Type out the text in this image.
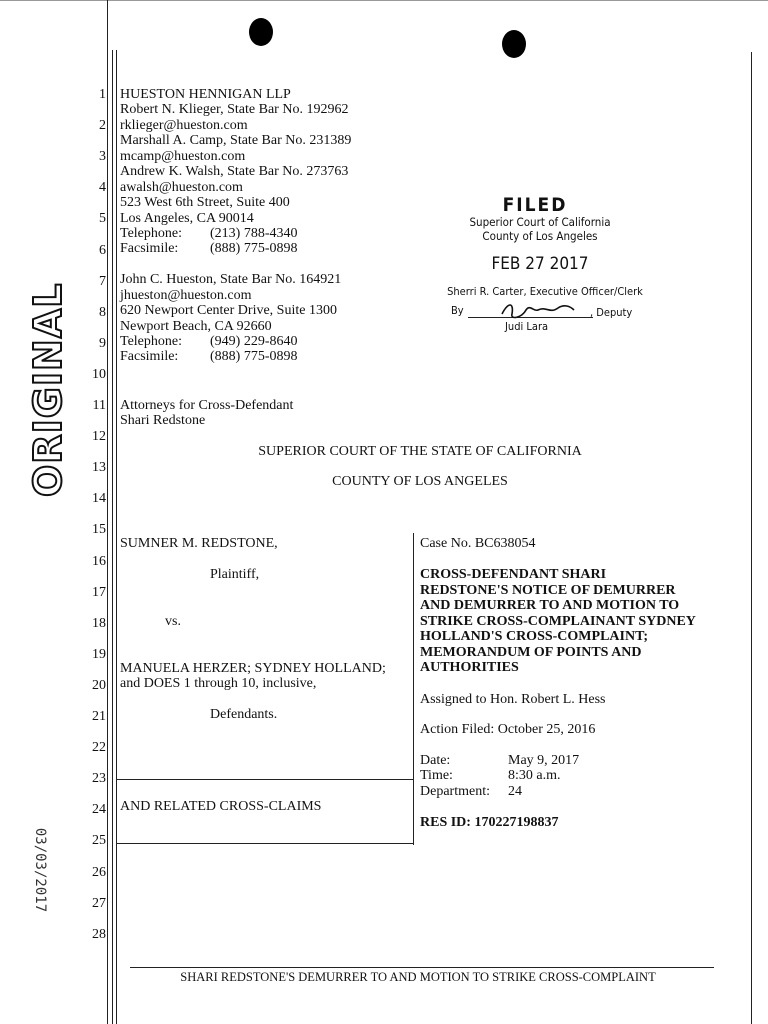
ORIGINAL
03/03/2017
1
2
3
4
5
6
7
8
9
10
11
12
13
14
15
16
17
18
19
20
21
22
23
24
25
26
27
28
HUESTON HENNIGAN LLP
Robert N. Klieger, State Bar No. 192962
rklieger@hueston.com
Marshall A. Camp, State Bar No. 231389
mcamp@hueston.com
Andrew K. Walsh, State Bar No. 273763
awalsh@hueston.com
523 West 6th Street, Suite 400
Los Angeles, CA 90014
Telephone: (213) 788-4340
Facsimile: (888) 775-0898
John C. Hueston, State Bar No. 164921
jhueston@hueston.com
620 Newport Center Drive, Suite 1300
Newport Beach, CA 92660
Telephone: (949) 229-8640
Facsimile: (888) 775-0898
Attorneys for Cross-Defendant
Shari Redstone
FILED
Superior Court of California
County of Los Angeles
FEB 27 2017
Sherri R. Carter, Executive Officer/Clerk
By	, Deputy
Judi Lara
SUPERIOR COURT OF THE STATE OF CALIFORNIA
COUNTY OF LOS ANGELES
SUMNER M. REDSTONE,
Plaintiff,
vs.
MANUELA HERZER; SYDNEY HOLLAND;
and DOES 1 through 10, inclusive,
Defendants.
AND RELATED CROSS-CLAIMS
Case No. BC638054
CROSS-DEFENDANT SHARI
REDSTONE'S NOTICE OF DEMURRER
AND DEMURRER TO AND MOTION TO
STRIKE CROSS-COMPLAINANT SYDNEY
HOLLAND'S CROSS-COMPLAINT;
MEMORANDUM OF POINTS AND
AUTHORITIES
Assigned to Hon. Robert L. Hess
Action Filed: October 25, 2016
Date:	May 9, 2017
Time:	8:30 a.m.
Department: 24
RES ID: 170227198837
SHARI REDSTONE'S DEMURRER TO AND MOTION TO STRIKE CROSS-COMPLAINT
